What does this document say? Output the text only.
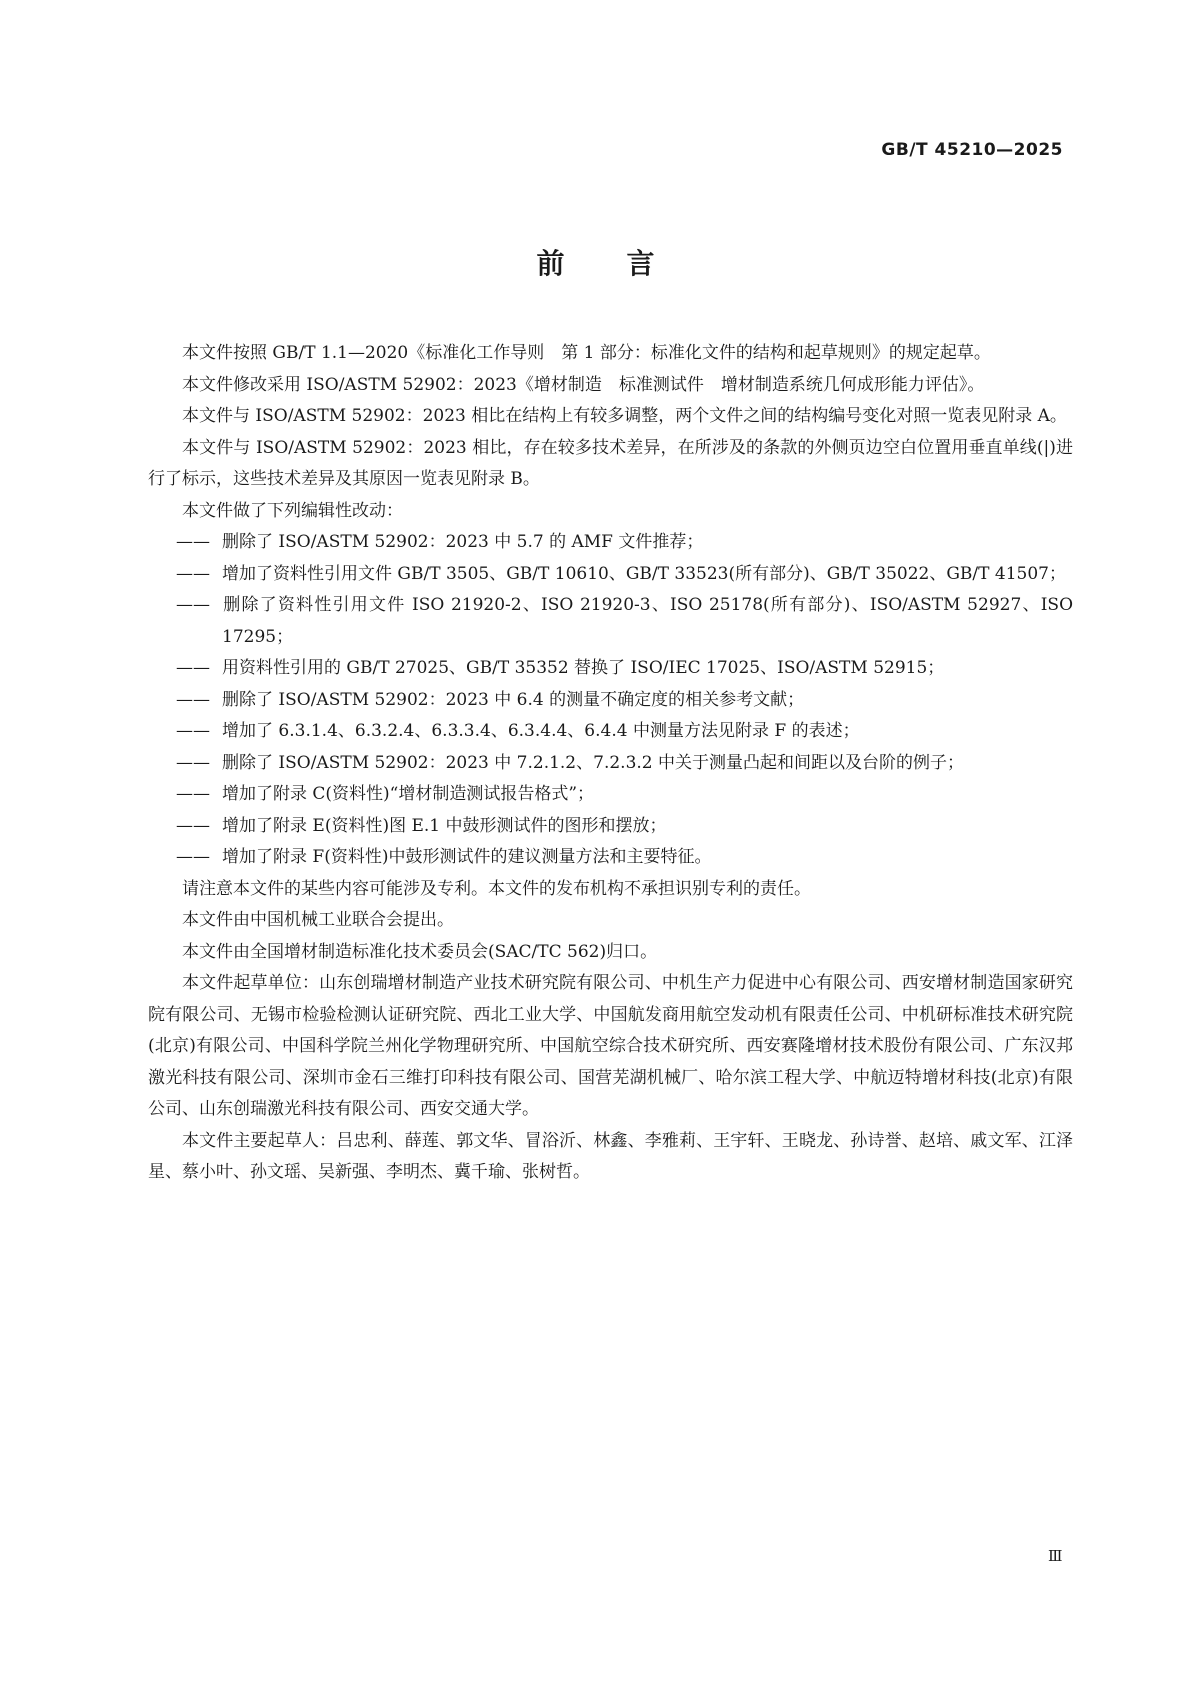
GB/T 45210—2025
前言

本文件按照 GB/T 1.1—2020《标准化工作导则　第 1 部分：标准化文件的结构和起草规则》的规定起草。

本文件修改采用 ISO/ASTM 52902：2023《增材制造　标准测试件　增材制造系统几何成形能力评估》。

本文件与 ISO/ASTM 52902：2023 相比在结构上有较多调整，两个文件之间的结构编号变化对照一览表见附录 A。

本文件与 ISO/ASTM 52902：2023 相比，存在较多技术差异，在所涉及的条款的外侧页边空白位置用垂直单线(|)进行了标示，这些技术差异及其原因一览表见附录 B。

本文件做了下列编辑性改动：

—— 删除了 ISO/ASTM 52902：2023 中 5.7 的 AMF 文件推荐；
—— 增加了资料性引用文件 GB/T 3505、GB/T 10610、GB/T 33523(所有部分)、GB/T 35022、GB/T 41507；
—— 删除了资料性引用文件 ISO 21920-2、ISO 21920-3、ISO 25178(所有部分)、ISO/ASTM 52927、ISO 17295；
—— 用资料性引用的 GB/T 27025、GB/T 35352 替换了 ISO/IEC 17025、ISO/ASTM 52915；
—— 删除了 ISO/ASTM 52902：2023 中 6.4 的测量不确定度的相关参考文献；
—— 增加了 6.3.1.4、6.3.2.4、6.3.3.4、6.3.4.4、6.4.4 中测量方法见附录 F 的表述；
—— 删除了 ISO/ASTM 52902：2023 中 7.2.1.2、7.2.3.2 中关于测量凸起和间距以及台阶的例子；
—— 增加了附录 C(资料性)“增材制造测试报告格式”；
—— 增加了附录 E(资料性)图 E.1 中鼓形测试件的图形和摆放；
—— 增加了附录 F(资料性)中鼓形测试件的建议测量方法和主要特征。

请注意本文件的某些内容可能涉及专利。本文件的发布机构不承担识别专利的责任。

本文件由中国机械工业联合会提出。

本文件由全国增材制造标准化技术委员会(SAC/TC 562)归口。

本文件起草单位：山东创瑞增材制造产业技术研究院有限公司、中机生产力促进中心有限公司、西安增材制造国家研究院有限公司、无锡市检验检测认证研究院、西北工业大学、中国航发商用航空发动机有限责任公司、中机研标准技术研究院(北京)有限公司、中国科学院兰州化学物理研究所、中国航空综合技术研究所、西安赛隆增材技术股份有限公司、广东汉邦激光科技有限公司、深圳市金石三维打印科技有限公司、国营芜湖机械厂、哈尔滨工程大学、中航迈特增材科技(北京)有限公司、山东创瑞激光科技有限公司、西安交通大学。

本文件主要起草人：吕忠利、薛莲、郭文华、冒浴沂、林鑫、李雅莉、王宇轩、王晓龙、孙诗誉、赵培、戚文军、江泽星、蔡小叶、孙文瑶、吴新强、李明杰、冀千瑜、张树哲。

Ⅲ
